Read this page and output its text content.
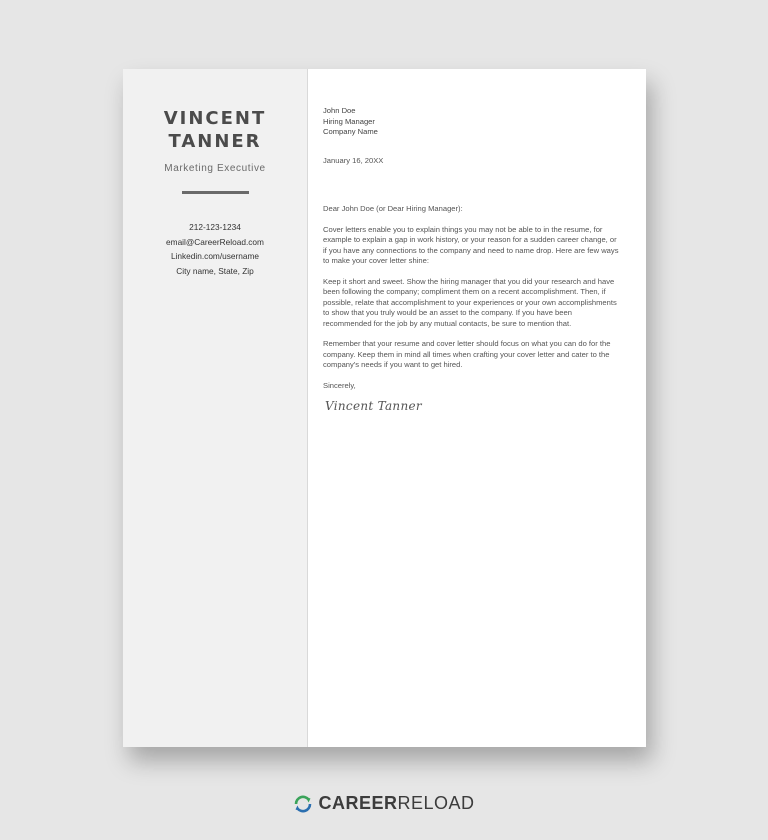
VINCENT
TANNER
Marketing Executive
212-123-1234
email@CareerReload.com
Linkedin.com/username
City name, State, Zip
John Doe
Hiring Manager
Company Name
January 16, 20XX
Dear John Doe (or Dear Hiring Manager):
Cover letters enable you to explain things you may not be able to in the resume, for example to explain a gap in work history, or your reason for a sudden career change, or if you have any connections to the company and need to name drop. Here are few ways to make your cover letter shine:
Keep it short and sweet. Show the hiring manager that you did your research and have been following the company; compliment them on a recent accomplishment. Then, if possible, relate that accomplishment to your experiences or your own accomplishments to show that you truly would be an asset to the company. If you have been recommended for the job by any mutual contacts, be sure to mention that.
Remember that your resume and cover letter should focus on what you can do for the company. Keep them in mind all times when crafting your cover letter and cater to the company's needs if you want to get hired.
Sincerely,
Vincent Tanner
CAREER RELOAD
